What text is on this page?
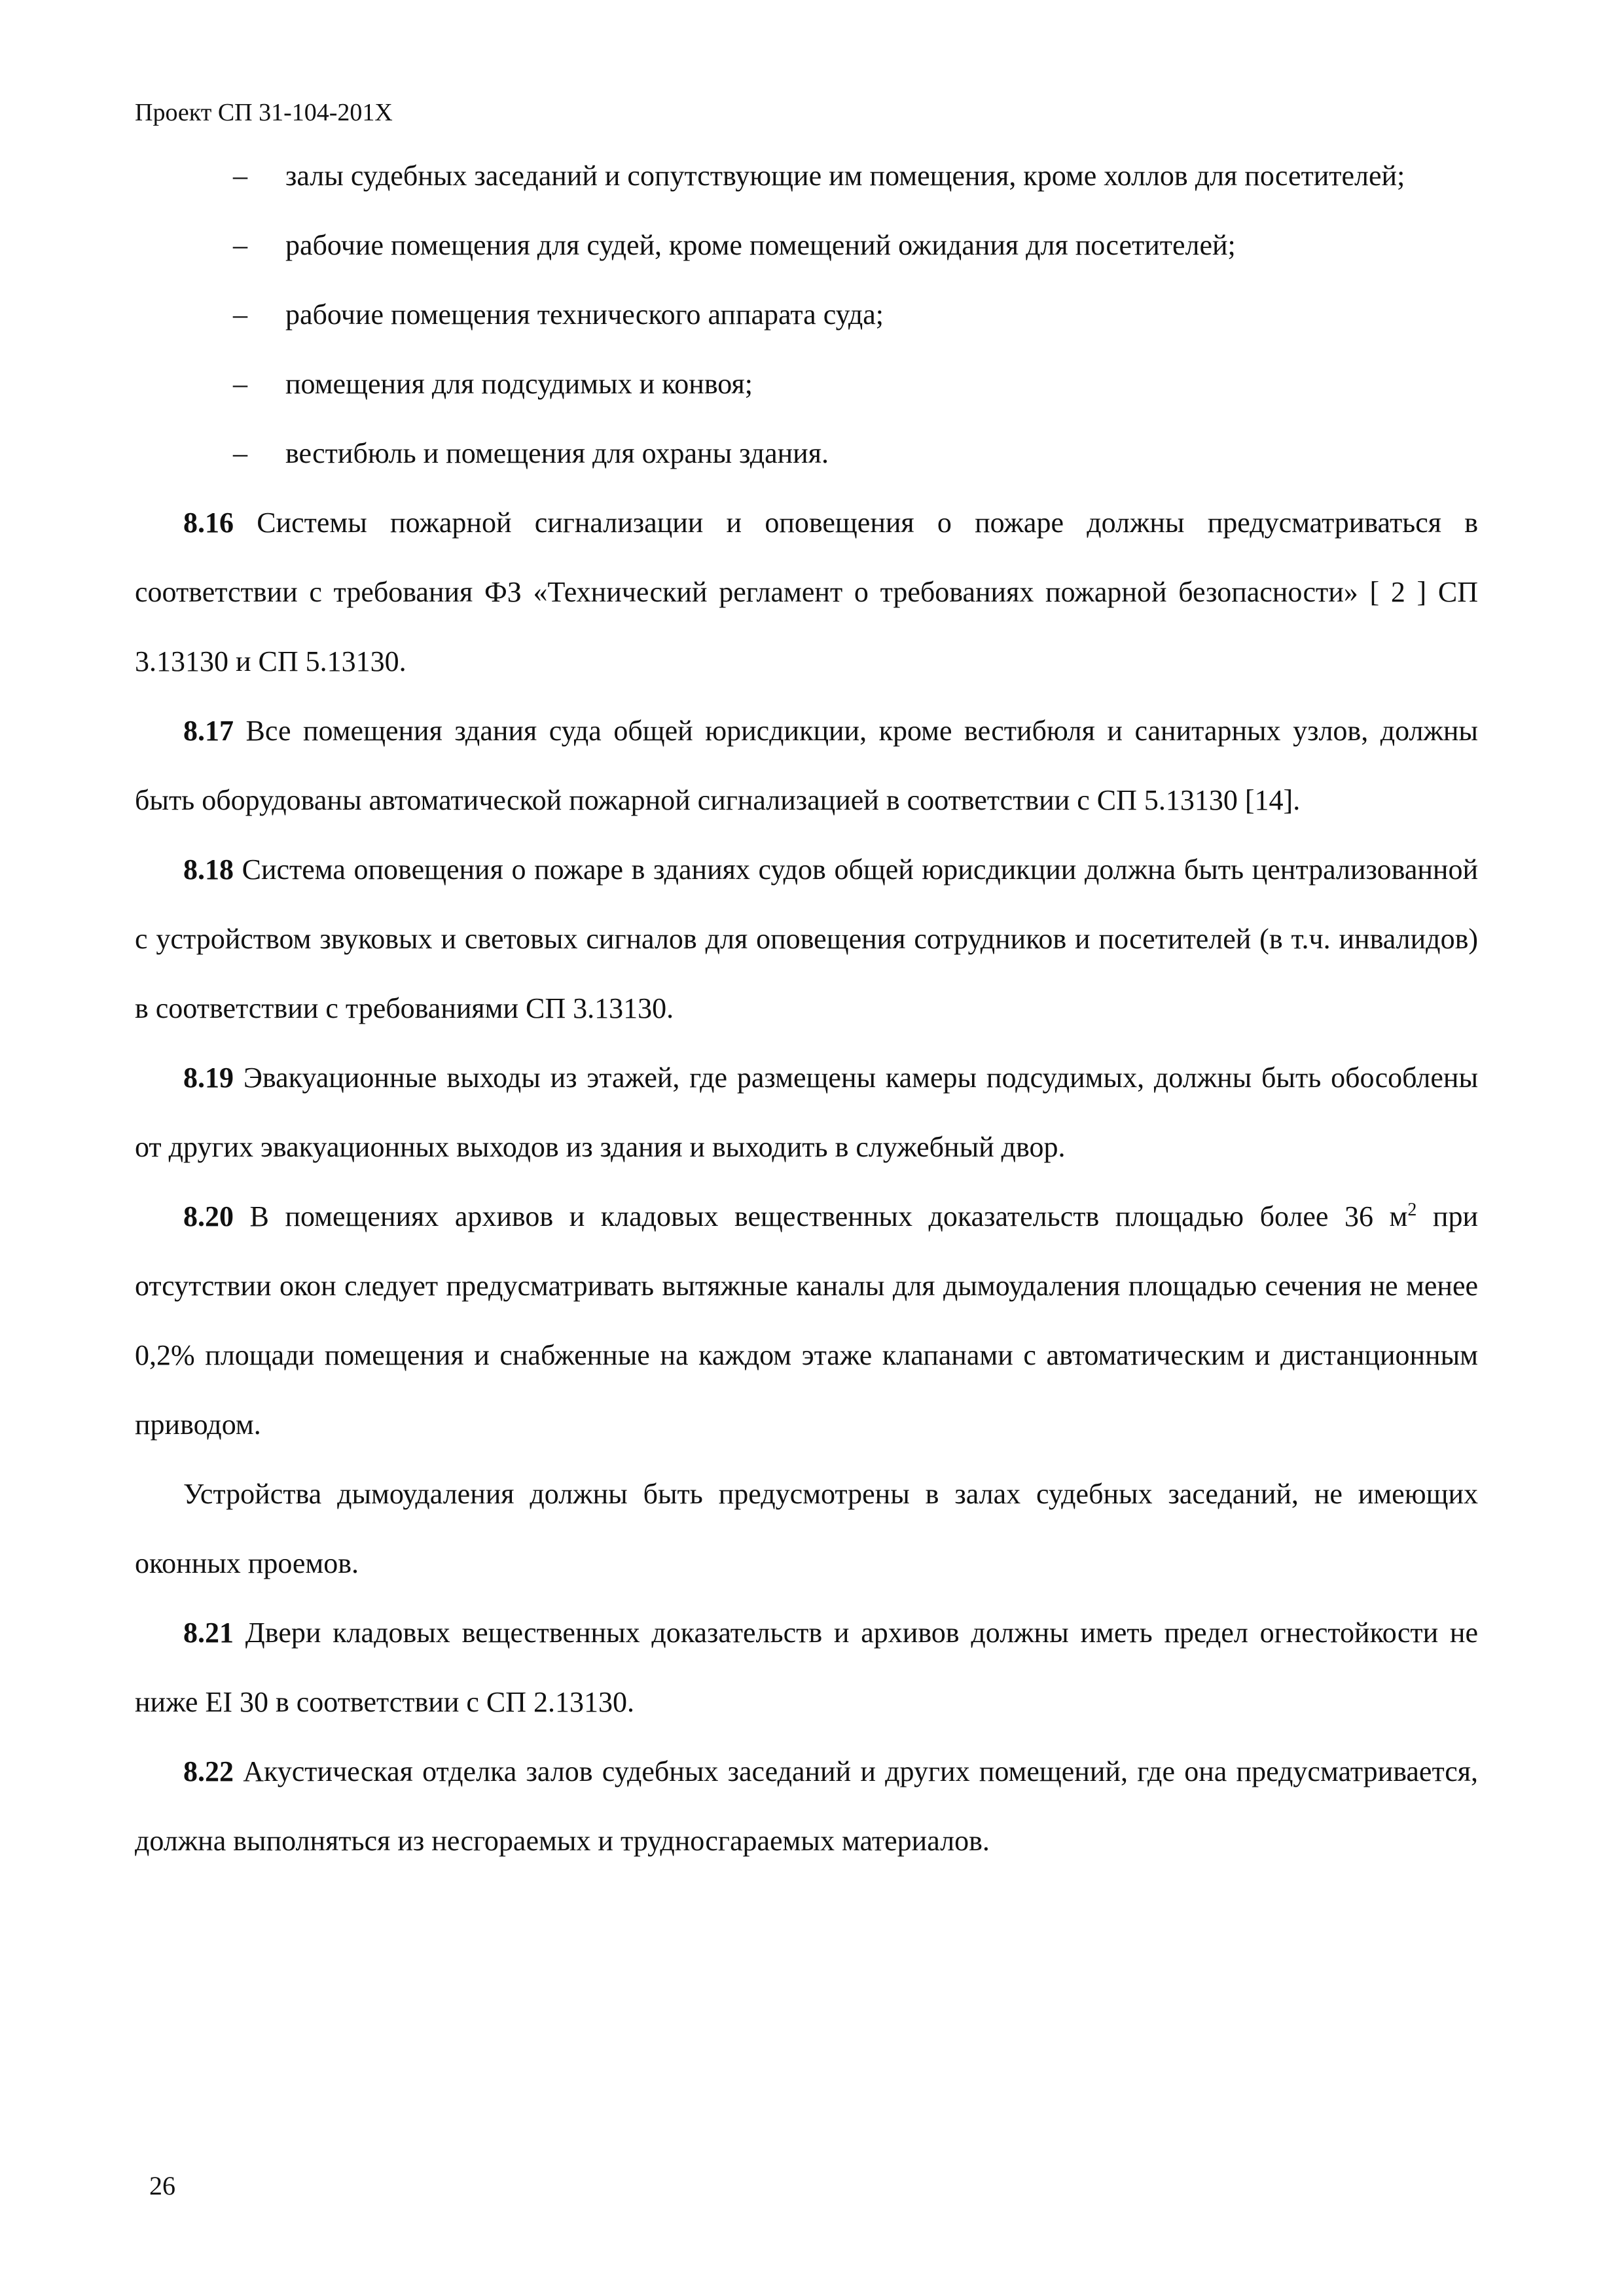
Проект СП 31-104-201Х
– залы судебных заседаний и сопутствующие им помещения, кроме холлов для посетителей;
– рабочие помещения для судей, кроме помещений ожидания для посетителей;
– рабочие помещения технического аппарата суда;
– помещения для подсудимых и конвоя;
– вестибюль и помещения для охраны здания.

8.16 Системы пожарной сигнализации и оповещения о пожаре должны предусматриваться в соответствии с требования ФЗ «Технический регламент о требованиях пожарной безопасности» [ 2 ] СП 3.13130 и СП 5.13130.

8.17 Все помещения здания суда общей юрисдикции, кроме вестибюля и санитарных узлов, должны быть оборудованы автоматической пожарной сигнализацией в соответствии с СП 5.13130 [14].

8.18 Система оповещения о пожаре в зданиях судов общей юрисдикции должна быть централизованной с устройством звуковых и световых сигналов для оповещения сотрудников и посетителей (в т.ч. инвалидов) в соответствии с требованиями СП 3.13130.

8.19 Эвакуационные выходы из этажей, где размещены камеры подсудимых, должны быть обособлены от других эвакуационных выходов из здания и выходить в служебный двор.

8.20 В помещениях архивов и кладовых вещественных доказательств площадью более 36 $м^2$ при отсутствии окон следует предусматривать вытяжные каналы для дымоудаления площадью сечения не менее 0,2% площади помещения и снабженные на каждом этаже клапанами с автоматическим и дистанционным приводом.

Устройства дымоудаления должны быть предусмотрены в залах судебных заседаний, не имеющих оконных проемов.

8.21 Двери кладовых вещественных доказательств и архивов должны иметь предел огнестойкости не ниже EI 30 в соответствии с СП 2.13130.

8.22 Акустическая отделка залов судебных заседаний и других помещений, где она предусматривается, должна выполняться из несгораемых и трудносгараемых материалов.

26
